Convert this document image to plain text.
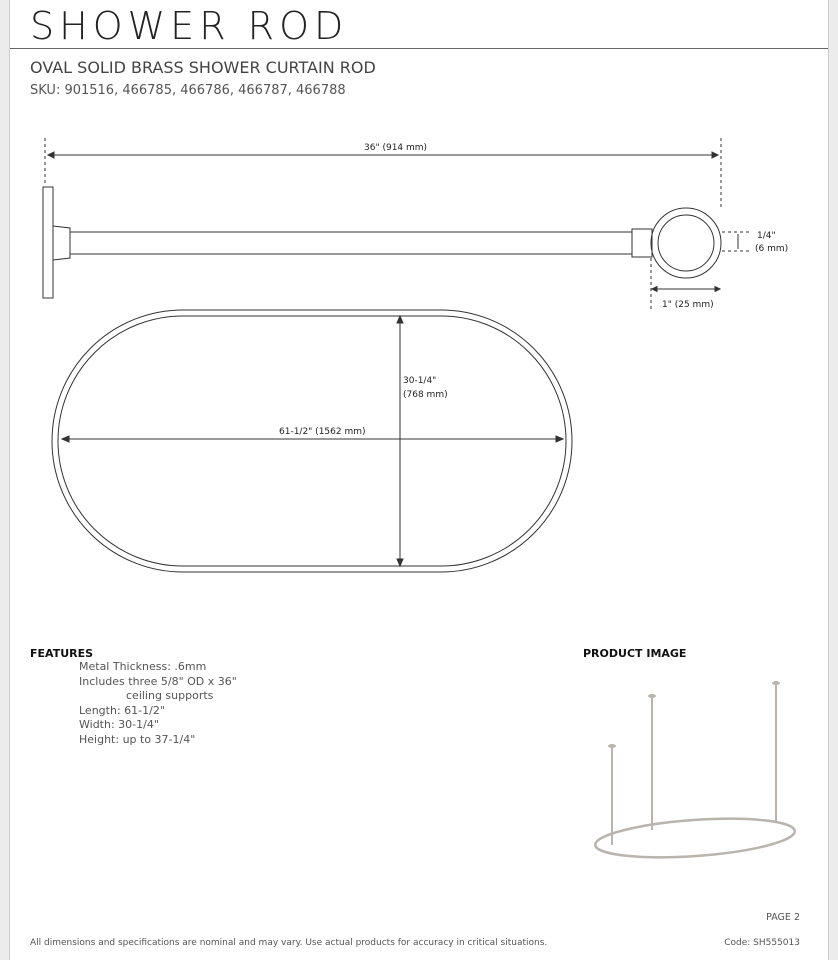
SHOWER ROD
OVAL SOLID BRASS SHOWER CURTAIN ROD
SKU: 901516, 466785, 466786, 466787, 466788
36" (914 mm)
1/4"
(6 mm)
1" (25 mm)
30-1/4"
(768 mm)
61-1/2" (1562 mm)
FEATURES
Metal Thickness: .6mm
Includes three 5/8" OD x 36"
ceiling supports
Length: 61-1/2"
Width: 30-1/4"
Height: up to 37-1/4"
PRODUCT IMAGE
PAGE 2
All dimensions and specifications are nominal and may vary. Use actual products for accuracy in critical situations.	Code: SH555013
